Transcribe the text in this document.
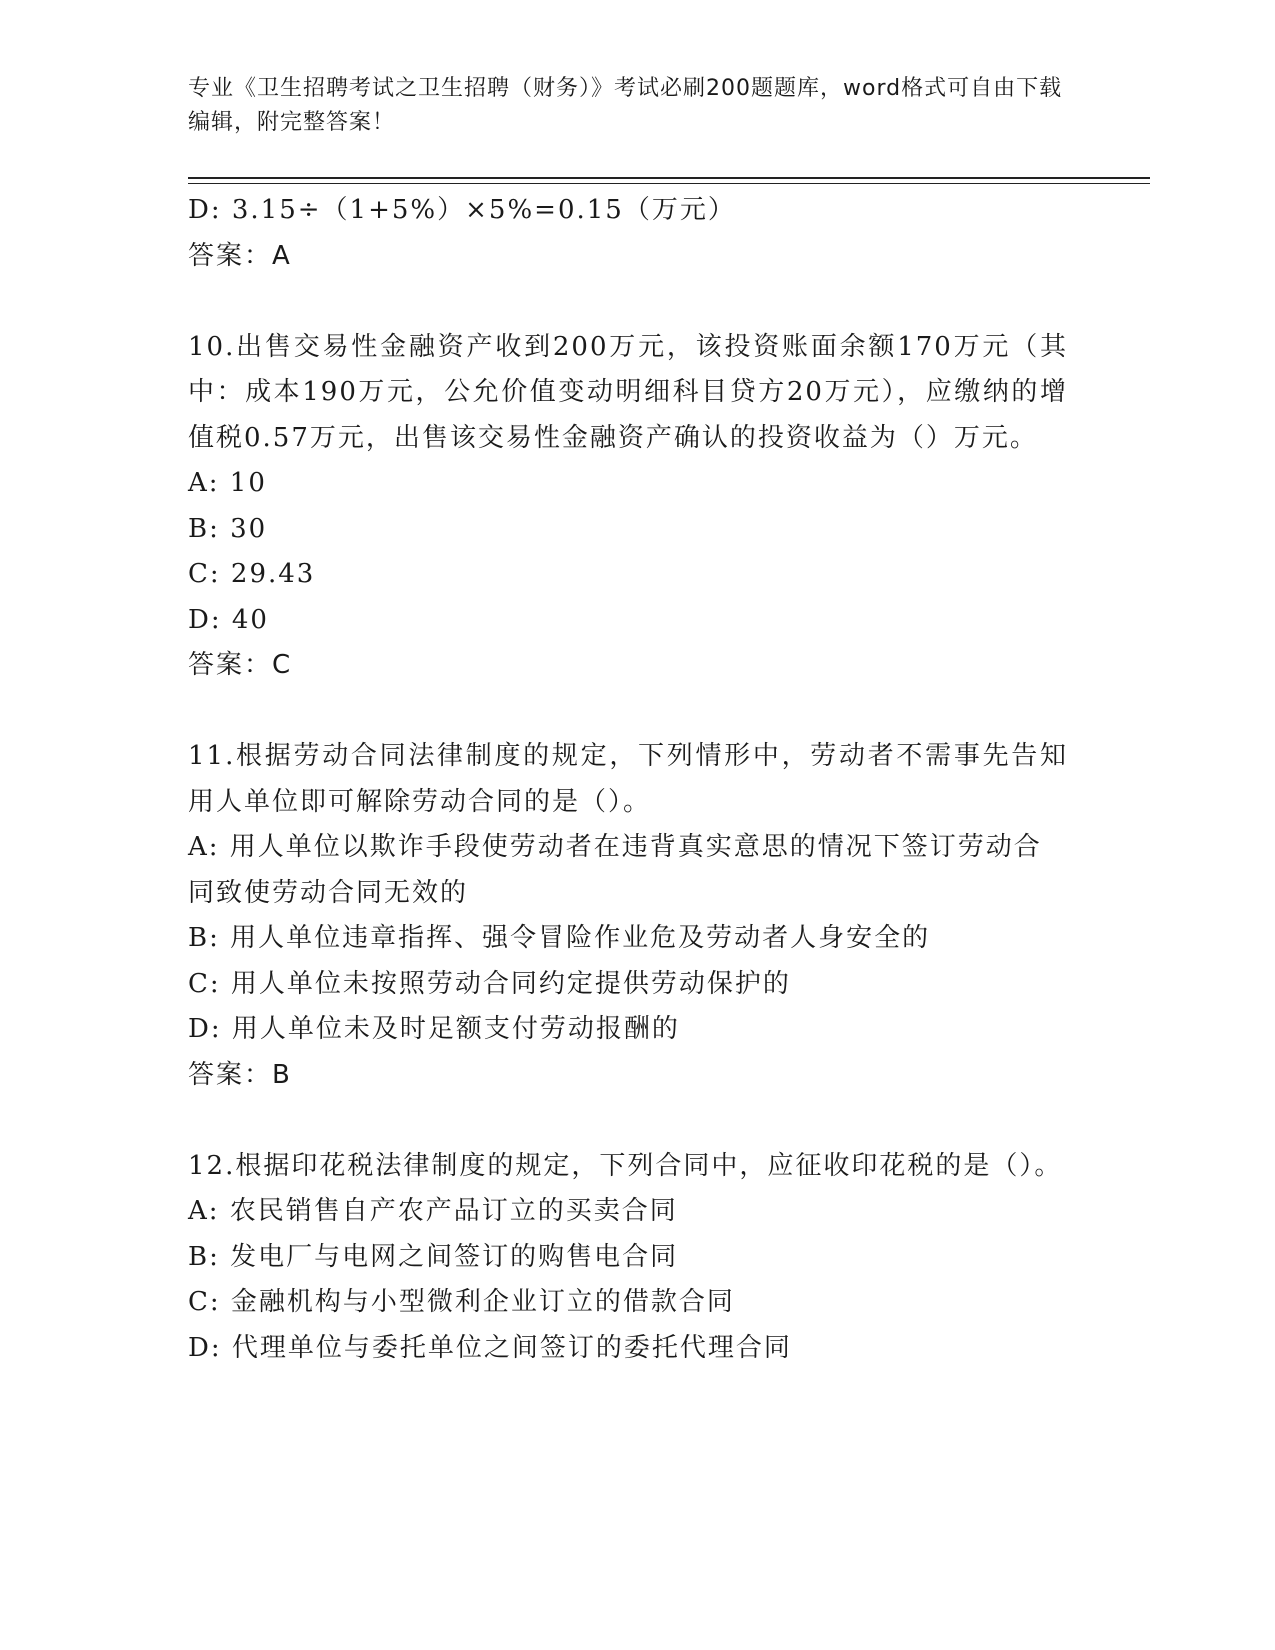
专业《卫生招聘考试之卫生招聘（财务）》考试必刷200题题库，word格式可自由下载编辑，附完整答案！

D: 3.15÷（1+5%）×5%=0.15（万元）

答案：A

10.出售交易性金融资产收到200万元，该投资账面余额170万元（其中：成本190万元，公允价值变动明细科目贷方20万元），应缴纳的增值税0.57万元，出售该交易性金融资产确认的投资收益为（）万元。

A: 10

B: 30

C: 29.43

D: 40

答案：C

11.根据劳动合同法律制度的规定，下列情形中，劳动者不需事先告知用人单位即可解除劳动合同的是（）。

A: 用人单位以欺诈手段使劳动者在违背真实意思的情况下签订劳动合同致使劳动合同无效的

B: 用人单位违章指挥、强令冒险作业危及劳动者人身安全的

C: 用人单位未按照劳动合同约定提供劳动保护的

D: 用人单位未及时足额支付劳动报酬的

答案：B

12.根据印花税法律制度的规定，下列合同中，应征收印花税的是（）。

A: 农民销售自产农产品订立的买卖合同

B: 发电厂与电网之间签订的购售电合同

C: 金融机构与小型微利企业订立的借款合同

D: 代理单位与委托单位之间签订的委托代理合同
